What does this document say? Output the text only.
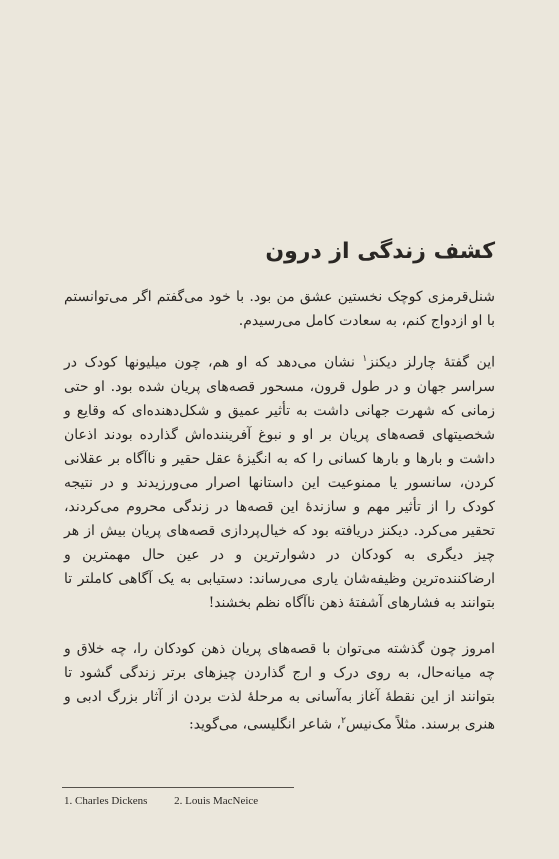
کشف زندگی از درون

شنل‌قرمزی کوچک نخستین عشق من بود. با خود می‌گفتم اگر می‌توانستم با او ازدواج کنم، به سعادت کامل می‌رسیدم.

این گفتهٔ چارلز دیکنز$^۱$ نشان می‌دهد که او هم، چون میلیونها کودک در سراسر جهان و در طول قرون، مسحور قصه‌های پریان شده بود. او حتی زمانی که شهرت جهانی داشت به تأثیر عمیق و شکل‌دهنده‌ای که وقایع و شخصیتهای قصه‌های پریان بر او و نبوغ آفریننده‌اش گذارده بودند اذعان داشت و بارها و بارها کسانی را که به انگیزهٔ عقل حقیر و ناآگاه بر عقلانی کردن، سانسور یا ممنوعیت این داستانها اصرار می‌ورزیدند و در نتیجه کودک را از تأثیر مهم و سازندهٔ این قصه‌ها در زندگی محروم می‌کردند، تحقیر می‌کرد. دیکنز دریافته بود که خیال‌پردازی قصه‌های پریان بیش از هر چیز دیگری به کودکان در دشوارترین و در عین حال مهمترین و ارضاکننده‌ترین وظیفه‌شان یاری می‌رساند: دستیابی به یک آگاهی کاملتر تا بتوانند به فشارهای آشفتهٔ ذهن ناآگاه نظم بخشند!

امروز چون گذشته می‌توان با قصه‌های پریان ذهن کودکان را، چه خلاق و چه میانه‌حال، به روی درک و ارج گذاردن چیزهای برتر زندگی گشود تا بتوانند از این نقطهٔ آغاز به‌آسانی به مرحلهٔ لذت بردن از آثار بزرگ ادبی و هنری برسند. مثلاً مک‌نیس$^۲$، شاعر انگلیسی، می‌گوید:

1. Charles Dickens 2. Louis MacNeice
